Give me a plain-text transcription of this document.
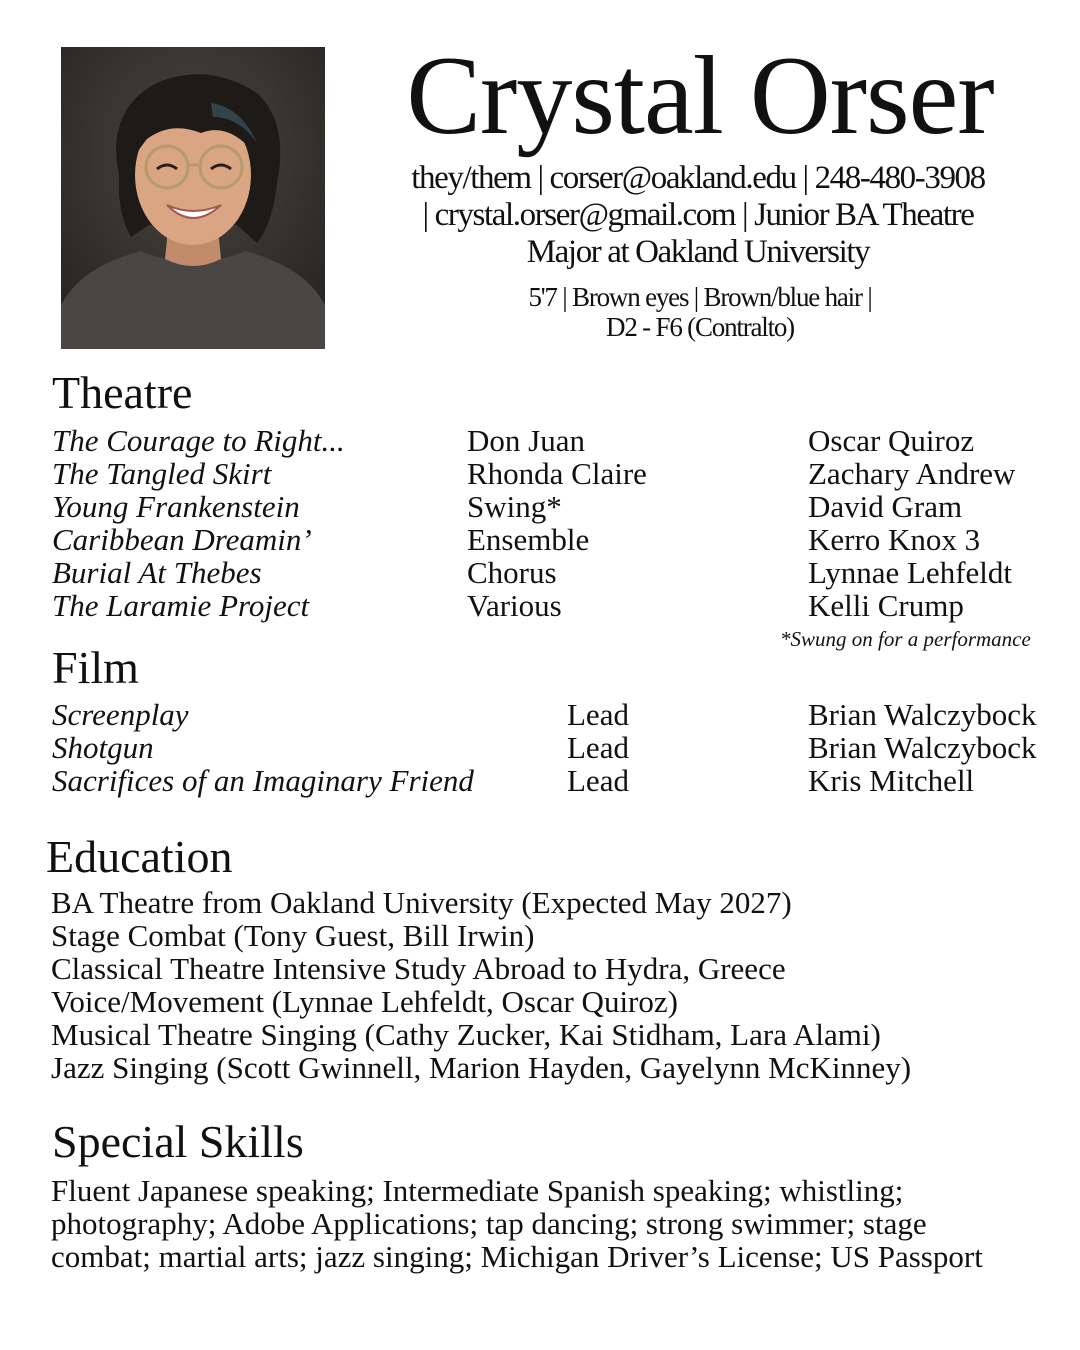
Crystal Orser
they/them | corser@oakland.edu | 248-480-3908
| crystal.orser@gmail.com | Junior BA Theatre
Major at Oakland University
5'7 | Brown eyes | Brown/blue hair |
D2 - F6 (Contralto)
Theatre
The Courage to Right...
The Tangled Skirt
Young Frankenstein
Caribbean Dreamin’
Burial At Thebes
The Laramie Project
Don Juan
Rhonda Claire
Swing*
Ensemble
Chorus
Various
Oscar Quiroz
Zachary Andrew
David Gram
Kerro Knox 3
Lynnae Lehfeldt
Kelli Crump
*Swung on for a performance
Film
Screenplay
Shotgun
Sacrifices of an Imaginary Friend
Lead
Lead
Lead
Brian Walczybock
Brian Walczybock
Kris Mitchell
Education
BA Theatre from Oakland University (Expected May 2027)
Stage Combat (Tony Guest, Bill Irwin)
Classical Theatre Intensive Study Abroad to Hydra, Greece
Voice/Movement (Lynnae Lehfeldt, Oscar Quiroz)
Musical Theatre Singing (Cathy Zucker, Kai Stidham, Lara Alami)
Jazz Singing (Scott Gwinnell, Marion Hayden, Gayelynn McKinney)
Special Skills
Fluent Japanese speaking; Intermediate Spanish speaking; whistling;
photography; Adobe Applications; tap dancing; strong swimmer; stage
combat; martial arts; jazz singing; Michigan Driver’s License; US Passport
